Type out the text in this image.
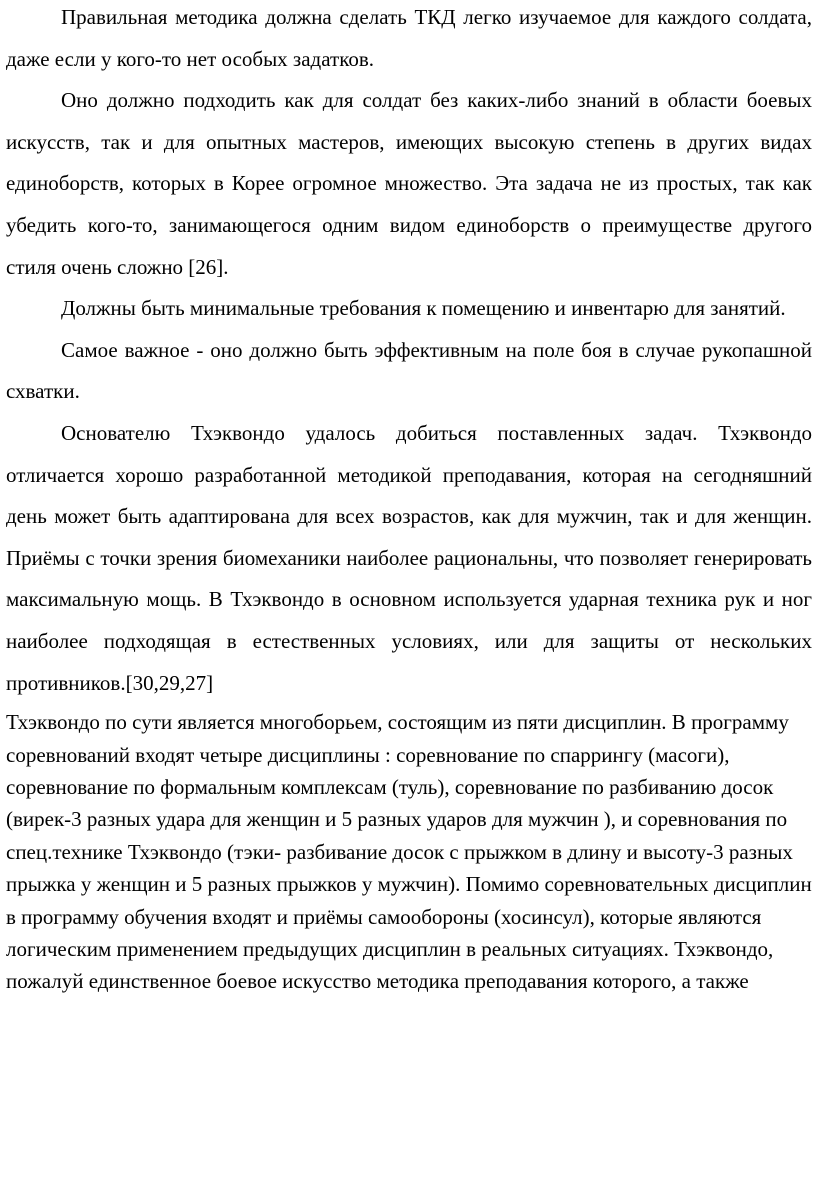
Правильная методика должна сделать ТКД легко изучаемое для каждого солдата, даже если у кого-то нет особых задатков.

Оно должно подходить как для солдат без каких-либо знаний в области боевых искусств, так и для опытных мастеров, имеющих высокую степень в других видах единоборств, которых в Корее огромное множество. Эта задача не из простых, так как убедить кого-то, занимающегося одним видом единоборств о преимуществе другого стиля очень сложно [26].

Должны быть минимальные требования к помещению и инвентарю для занятий.

Самое важное - оно должно быть эффективным на поле боя в случае рукопашной схватки.

Основателю Тхэквондо удалось добиться поставленных задач. Тхэквондо отличается хорошо разработанной методикой преподавания, которая на сегодняшний день может быть адаптирована для всех возрастов, как для мужчин, так и для женщин. Приёмы с точки зрения биомеханики наиболее рациональны, что позволяет генерировать максимальную мощь. В Тхэквондо в основном используется ударная техника рук и ног наиболее подходящая в естественных условиях, или для защиты от нескольких противников.[30,29,27]

Тхэквондо по сути является многоборьем, состоящим из пяти дисциплин. В программу соревнований входят четыре дисциплины : соревнование по спаррингу (масоги), соревнование по формальным комплексам (туль), соревнование по разбиванию досок (вирек-3 разных удара для женщин и 5 разных ударов для мужчин ), и соревнования по спец.технике Тхэквондо (тэки- разбивание досок с прыжком в длину и высоту-3 разных прыжка у женщин и 5 разных прыжков у мужчин). Помимо соревновательных дисциплин в программу обучения входят и приёмы самообороны (хосинсул), которые являются логическим применением предыдущих дисциплин в реальных ситуациях. Тхэквондо, пожалуй единственное боевое искусство методика преподавания которого, а также
